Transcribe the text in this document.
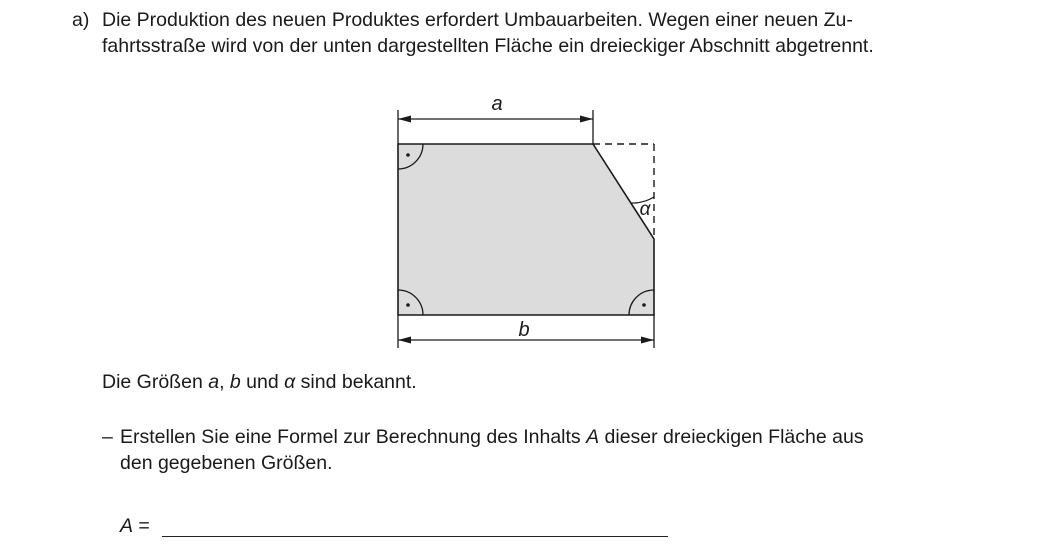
a) Die Produktion des neuen Produktes erfordert Umbauarbeiten. Wegen einer neuen Zu-
fahrtsstraße wird von der unten dargestellten Fläche ein dreieckiger Abschnitt abgetrennt.
a
b
α
Die Größen a, b und α sind bekannt.
– Erstellen Sie eine Formel zur Berechnung des Inhalts A dieser dreieckigen Fläche aus
den gegebenen Größen.
A =
